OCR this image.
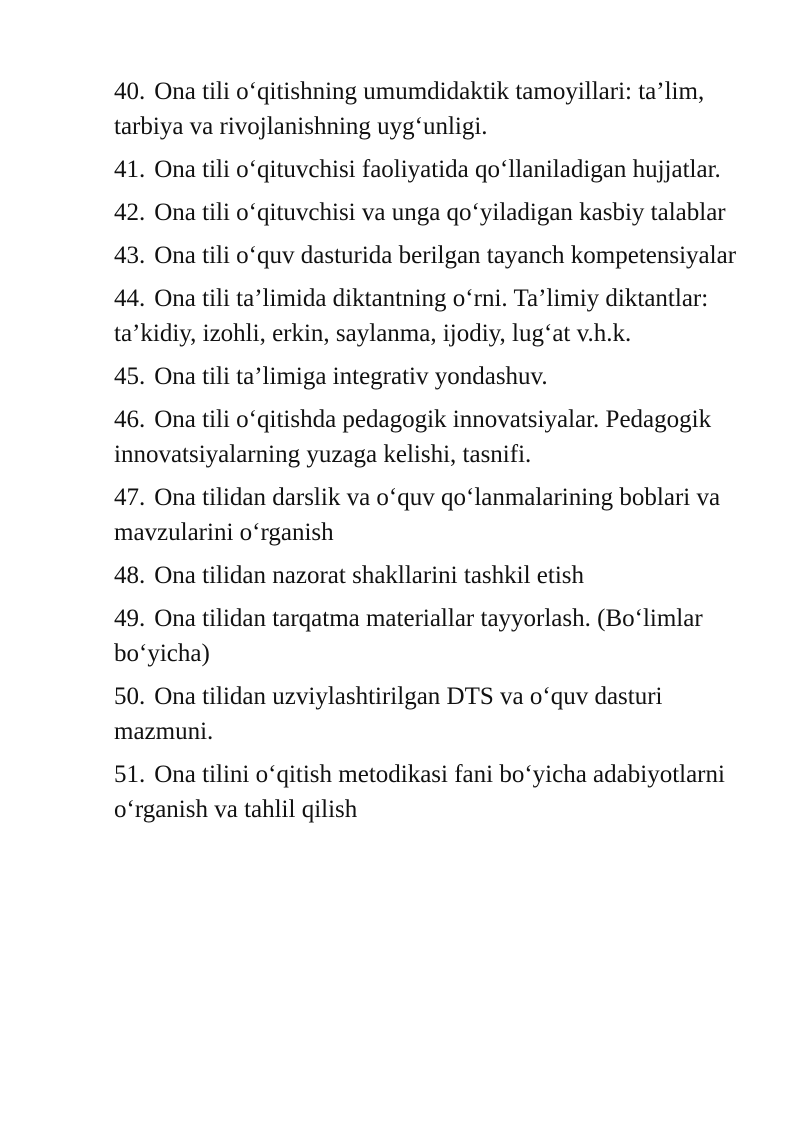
40. Ona tili o‘qitishning umumdidaktik tamoyillari: ta’lim, tarbiya va rivojlanishning uyg‘unligi.
41. Ona tili o‘qituvchisi faoliyatida qo‘llaniladigan hujjatlar.
42. Ona tili o‘qituvchisi va unga qo‘yiladigan kasbiy talablar
43. Ona tili o‘quv dasturida berilgan tayanch kompetensiyalar
44. Ona tili ta’limida diktantning o‘rni. Ta’limiy diktantlar: ta’kidiy, izohli, erkin, saylanma, ijodiy, lug‘at v.h.k.
45. Ona tili ta’limiga integrativ yondashuv.
46. Ona tili o‘qitishda pedagogik innovatsiyalar. Pedagogik innovatsiyalarning yuzaga kelishi, tasnifi.
47. Ona tilidan darslik va o‘quv qo‘lanmalarining boblari va mavzularini o‘rganish
48. Ona tilidan nazorat shakllarini tashkil etish
49. Ona tilidan tarqatma materiallar tayyorlash. (Bo‘limlar bo‘yicha)
50. Ona tilidan uzviylashtirilgan DTS va o‘quv dasturi mazmuni.
51. Ona tilini o‘qitish metodikasi fani bo‘yicha adabiyotlarni o‘rganish va tahlil qilish
